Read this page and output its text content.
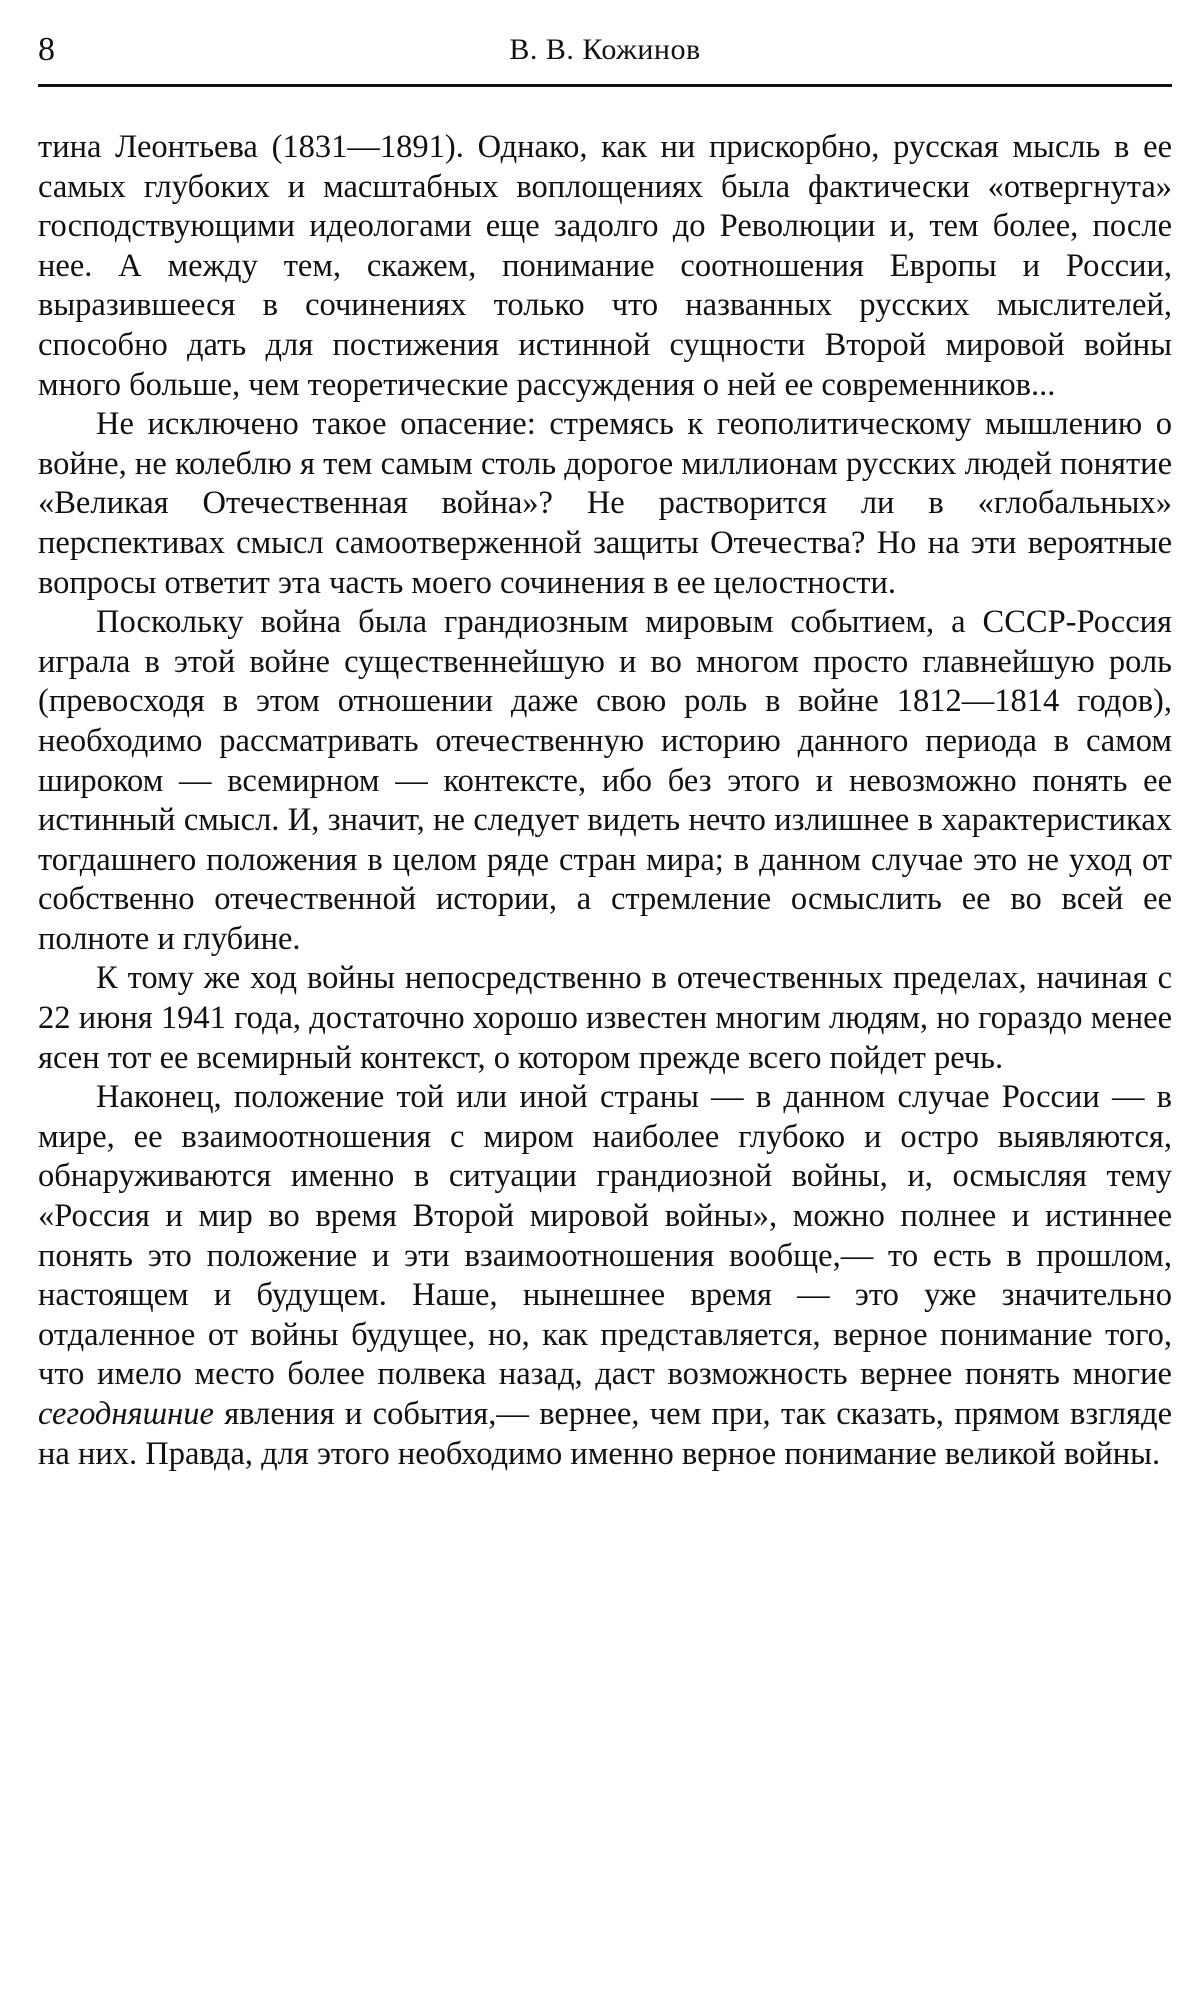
8	В. В. Кожинов

тина Леонтьева (1831—1891). Однако, как ни прискорбно, русская мысль в ее самых глубоких и масштабных воплощениях была фактически «отвергнута» господствующими идеологами еще задолго до Революции и, тем более, после нее. А между тем, скажем, понимание соотношения Европы и России, выразившееся в сочинениях только что названных русских мыслителей, способно дать для постижения истинной сущности Второй мировой войны много больше, чем теоретические рассуждения о ней ее современников...

Не исключено такое опасение: стремясь к геополитическому мышлению о войне, не колеблю я тем самым столь дорогое миллионам русских людей понятие «Великая Отечественная война»? Не растворится ли в «глобальных» перспективах смысл самоотверженной защиты Отечества? Но на эти вероятные вопросы ответит эта часть моего сочинения в ее целостности.

Поскольку война была грандиозным мировым событием, а СССР-Россия играла в этой войне существеннейшую и во многом просто главнейшую роль (превосходя в этом отношении даже свою роль в войне 1812—1814 годов), необходимо рассматривать отечественную историю данного периода в самом широком — всемирном — контексте, ибо без этого и невозможно понять ее истинный смысл. И, значит, не следует видеть нечто излишнее в характеристиках тогдашнего положения в целом ряде стран мира; в данном случае это не уход от собственно отечественной истории, а стремление осмыслить ее во всей ее полноте и глубине.

К тому же ход войны непосредственно в отечественных пределах, начиная с 22 июня 1941 года, достаточно хорошо известен многим людям, но гораздо менее ясен тот ее всемирный контекст, о котором прежде всего пойдет речь.

Наконец, положение той или иной страны — в данном случае России — в мире, ее взаимоотношения с миром наиболее глубоко и остро выявляются, обнаруживаются именно в ситуации грандиозной войны, и, осмысляя тему «Россия и мир во время Второй мировой войны», можно полнее и истиннее понять это положение и эти взаимоотношения вообще,— то есть в прошлом, настоящем и будущем. Наше, нынешнее время — это уже значительно отдаленное от войны будущее, но, как представляется, верное понимание того, что имело место более полвека назад, даст возможность вернее понять многие сегодняшние явления и события,— вернее, чем при, так сказать, прямом взгляде на них. Правда, для этого необходимо именно верное понимание великой войны.
